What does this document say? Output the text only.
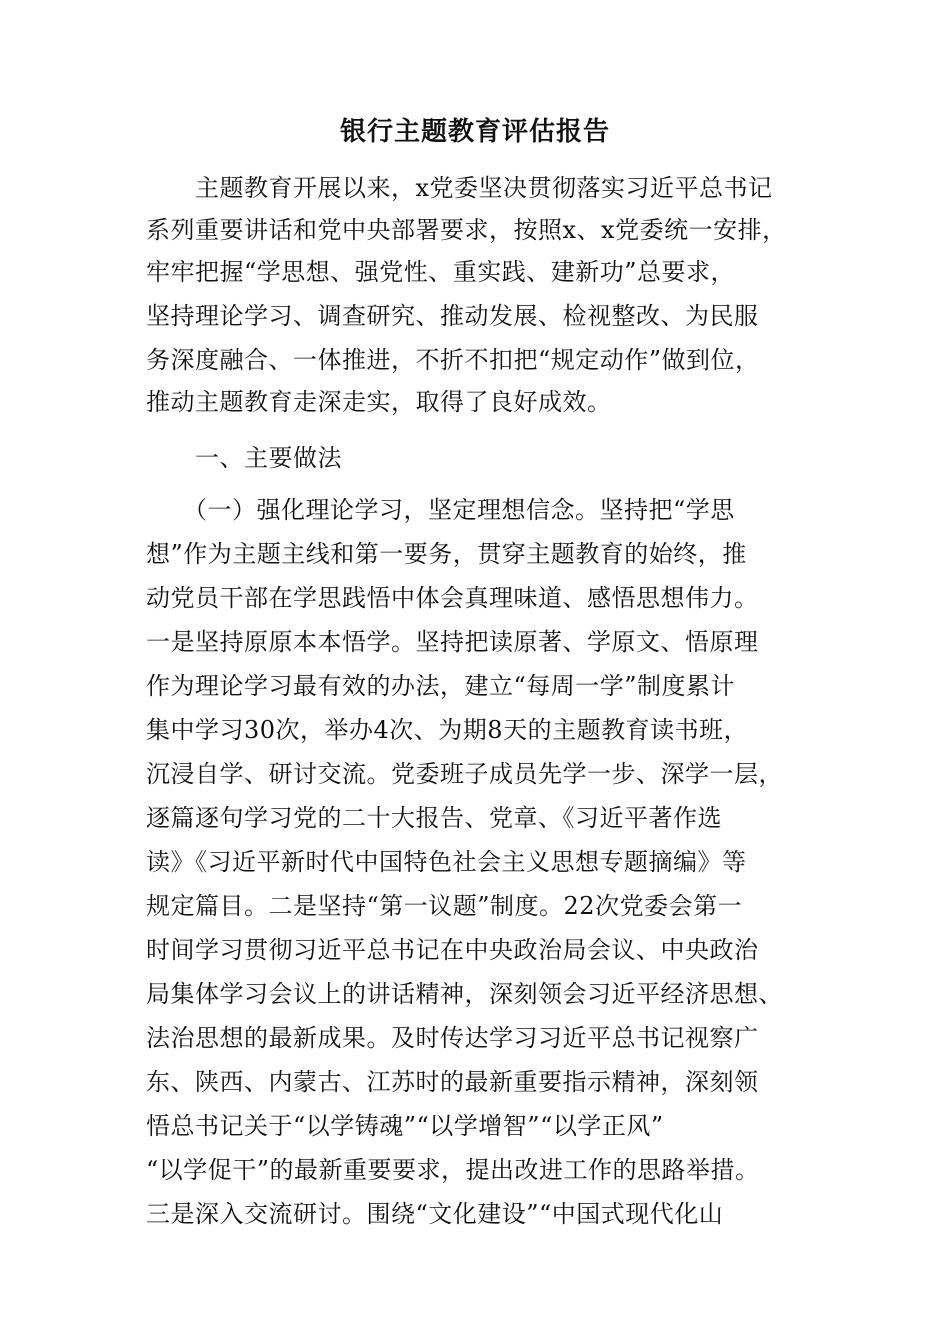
银行主题教育评估报告
　　主题教育开展以来，x党委坚决贯彻落实习近平总书记
系列重要讲话和党中央部署要求，按照x、x党委统一安排，
牢牢把握“学思想、强党性、重实践、建新功”总要求，
坚持理论学习、调查研究、推动发展、检视整改、为民服
务深度融合、一体推进，不折不扣把“规定动作”做到位，
推动主题教育走深走实，取得了良好成效。
　　一、主要做法
　　（一）强化理论学习，坚定理想信念。坚持把“学思
想”作为主题主线和第一要务，贯穿主题教育的始终，推
动党员干部在学思践悟中体会真理味道、感悟思想伟力。
一是坚持原原本本悟学。坚持把读原著、学原文、悟原理
作为理论学习最有效的办法，建立“每周一学”制度累计
集中学习30次，举办4次、为期8天的主题教育读书班，
沉浸自学、研讨交流。党委班子成员先学一步、深学一层，
逐篇逐句学习党的二十大报告、党章、《习近平著作选
读》《习近平新时代中国特色社会主义思想专题摘编》等
规定篇目。二是坚持“第一议题”制度。22次党委会第一
时间学习贯彻习近平总书记在中央政治局会议、中央政治
局集体学习会议上的讲话精神，深刻领会习近平经济思想、
法治思想的最新成果。及时传达学习习近平总书记视察广
东、陕西、内蒙古、江苏时的最新重要指示精神，深刻领
悟总书记关于“以学铸魂”“以学增智”“以学正风”
“以学促干”的最新重要要求，提出改进工作的思路举措。
三是深入交流研讨。围绕“文化建设”“中国式现代化山
